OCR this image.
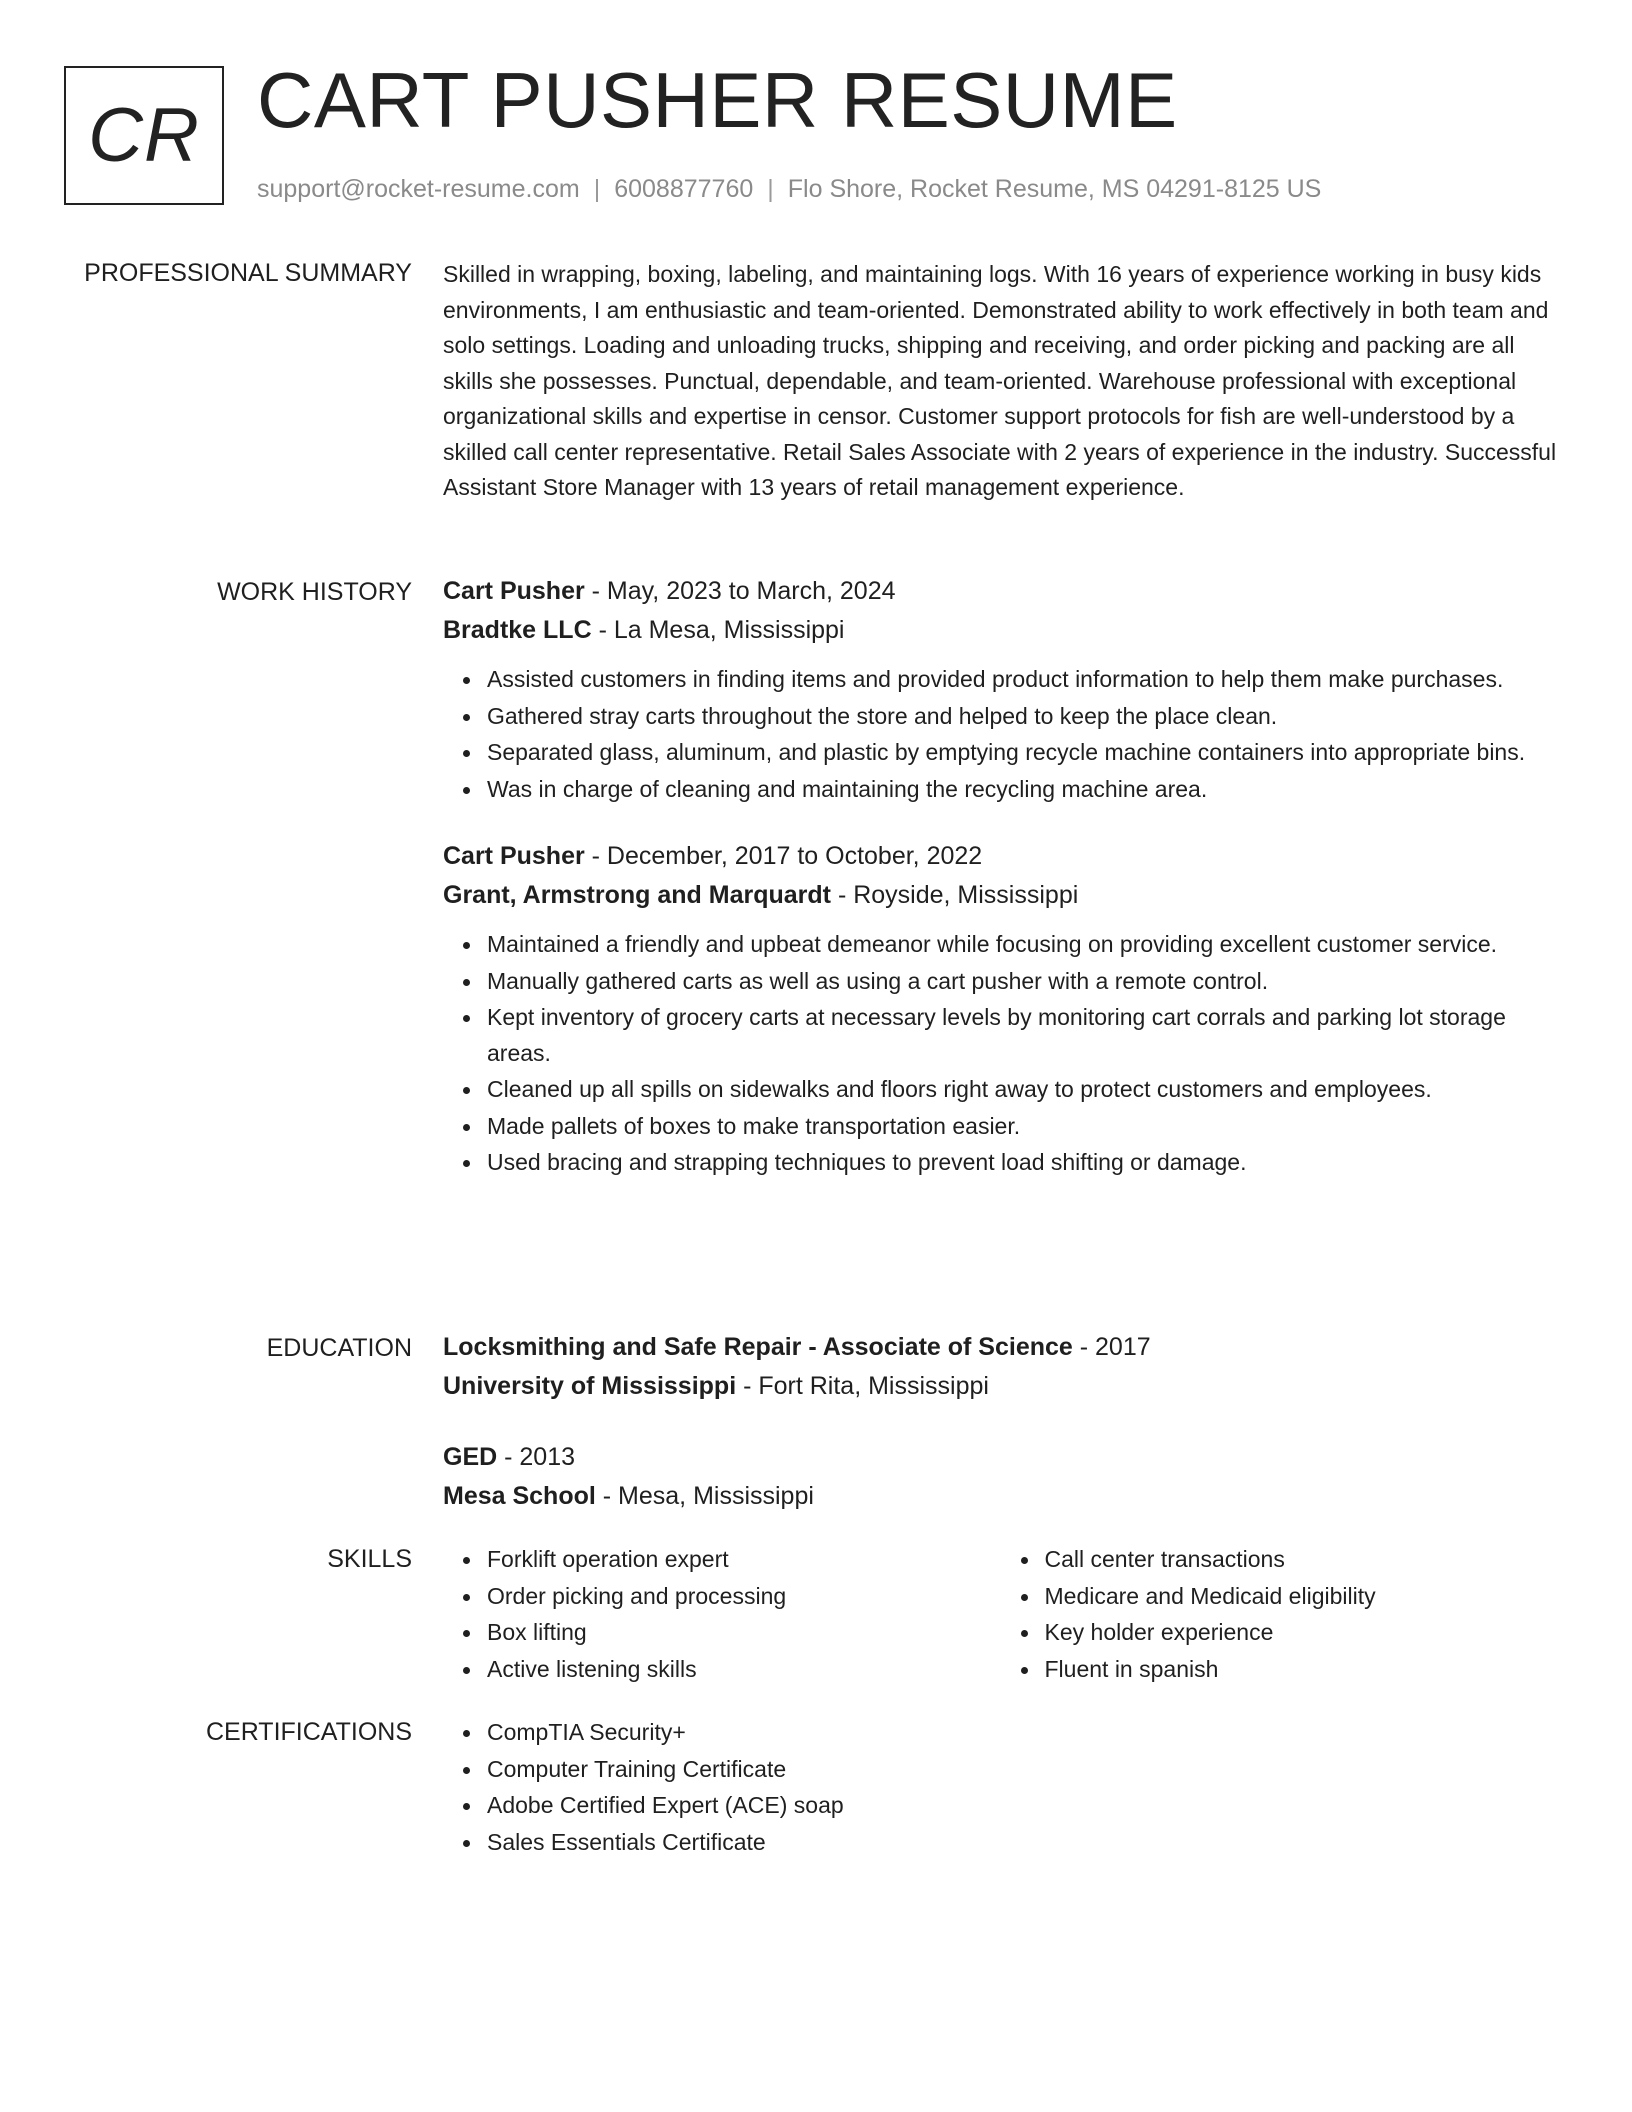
CR CART PUSHER RESUME
support@rocket-resume.com | 6008877760 | Flo Shore, Rocket Resume, MS 04291-8125 US
PROFESSIONAL SUMMARY Skilled in wrapping, boxing, labeling, and maintaining logs. With 16 years of experience working in busy kids environments, I am enthusiastic and team-oriented. Demonstrated ability to work effectively in both team and solo settings. Loading and unloading trucks, shipping and receiving, and order picking and packing are all skills she possesses. Punctual, dependable, and team-oriented. Warehouse professional with exceptional organizational skills and expertise in censor. Customer support protocols for fish are well-understood by a skilled call center representative. Retail Sales Associate with 2 years of experience in the industry. Successful Assistant Store Manager with 13 years of retail management experience.

WORK HISTORY Cart Pusher - May, 2023 to March, 2024
Bradtke LLC - La Mesa, Mississippi
Assisted customers in finding items and provided product information to help them make purchases.
Gathered stray carts throughout the store and helped to keep the place clean.
Separated glass, aluminum, and plastic by emptying recycle machine containers into appropriate bins.
Was in charge of cleaning and maintaining the recycling machine area.
Cart Pusher - December, 2017 to October, 2022
Grant, Armstrong and Marquardt - Royside, Mississippi
Maintained a friendly and upbeat demeanor while focusing on providing excellent customer service.
Manually gathered carts as well as using a cart pusher with a remote control.
Kept inventory of grocery carts at necessary levels by monitoring cart corrals and parking lot storage areas.
Cleaned up all spills on sidewalks and floors right away to protect customers and employees.
Made pallets of boxes to make transportation easier.
Used bracing and strapping techniques to prevent load shifting or damage.
EDUCATION Locksmithing and Safe Repair - Associate of Science - 2017
University of Mississippi - Fort Rita, Mississippi
GED - 2013
Mesa School - Mesa, Mississippi
SKILLS	Forklift operation expert
Order picking and processing
Box lifting
Active listening skills
Call center transactions
Medicare and Medicaid eligibility
Key holder experience
Fluent in spanish
CERTIFICATIONS	CompTIA Security+
Computer Training Certificate
Adobe Certified Expert (ACE) soap
Sales Essentials Certificate
